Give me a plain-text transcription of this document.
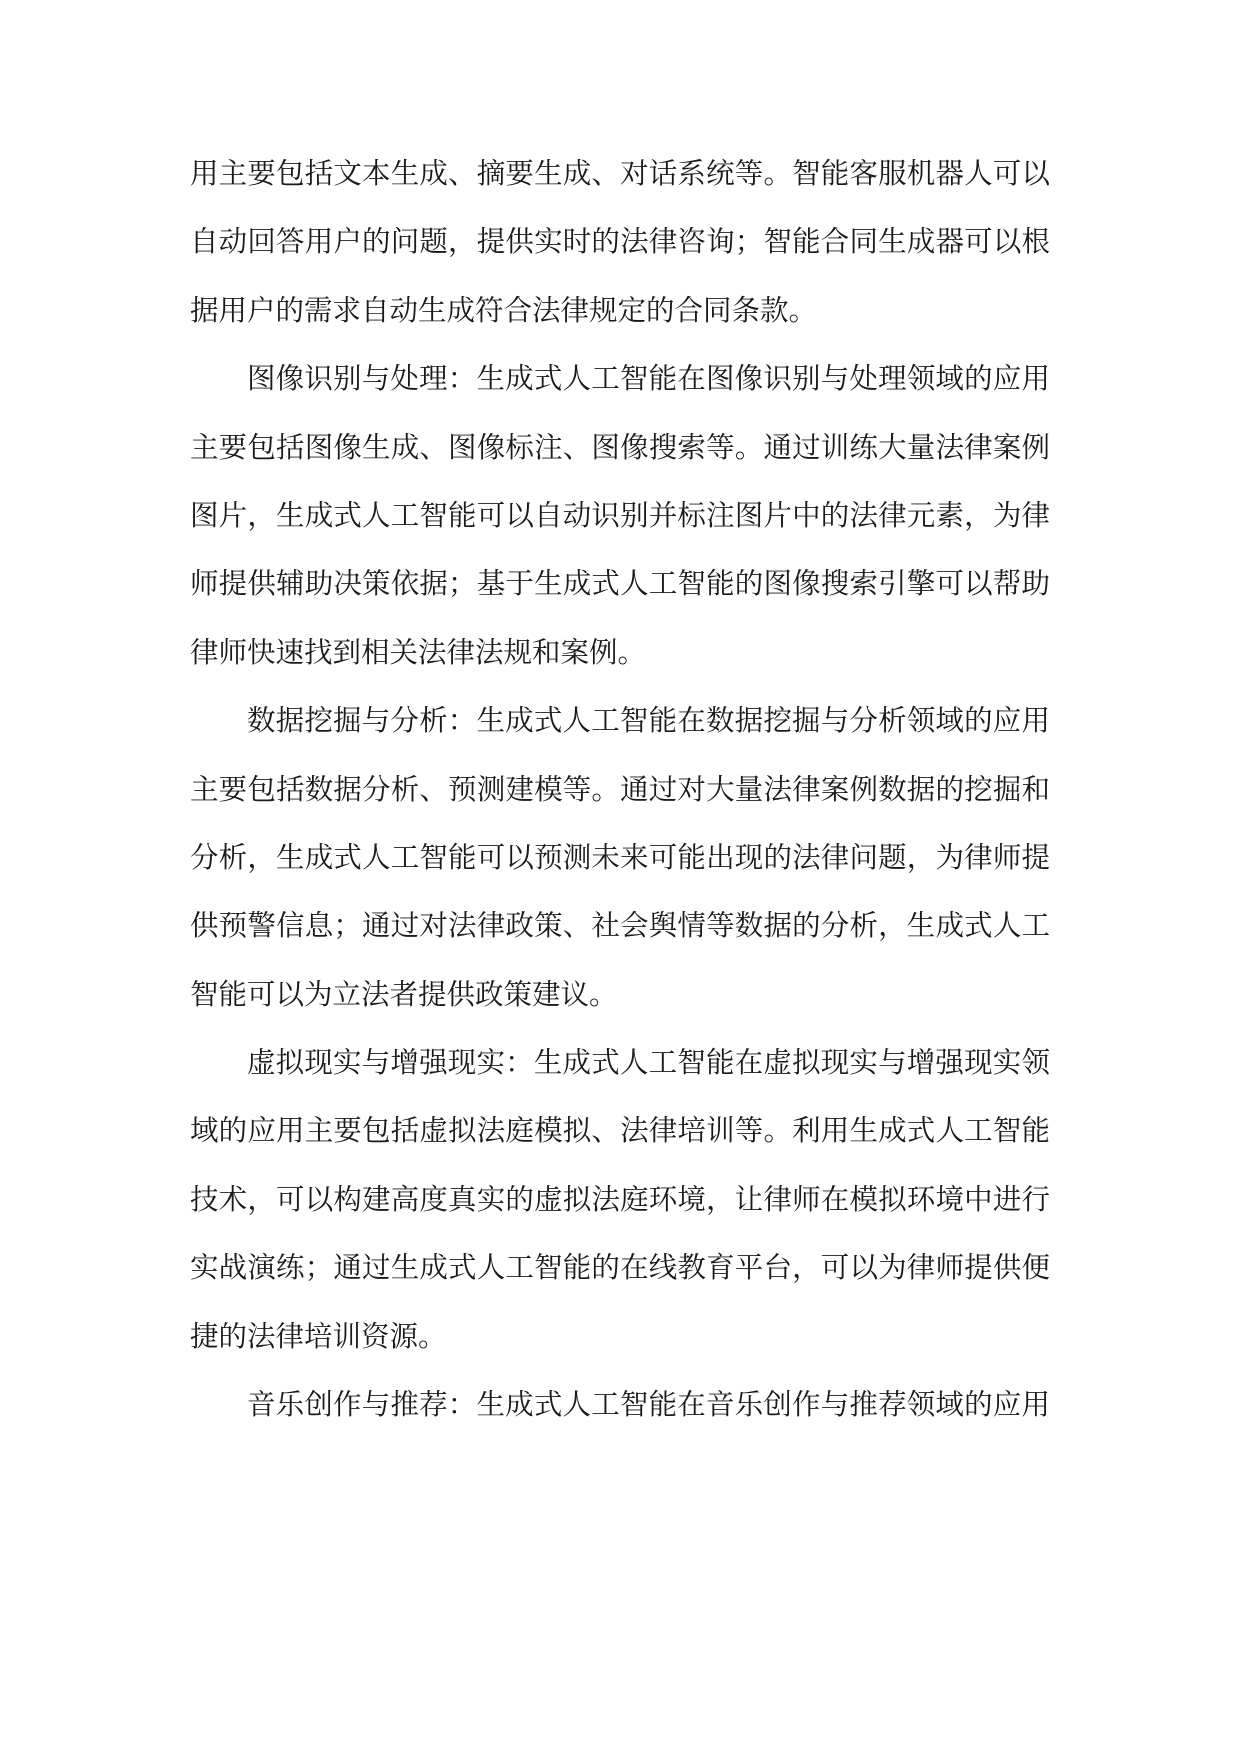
用主要包括文本生成、摘要生成、对话系统等。智能客服机器人可以
自动回答用户的问题，提供实时的法律咨询；智能合同生成器可以根
据用户的需求自动生成符合法律规定的合同条款。
图像识别与处理：生成式人工智能在图像识别与处理领域的应用
主要包括图像生成、图像标注、图像搜索等。通过训练大量法律案例
图片，生成式人工智能可以自动识别并标注图片中的法律元素，为律
师提供辅助决策依据；基于生成式人工智能的图像搜索引擎可以帮助
律师快速找到相关法律法规和案例。
数据挖掘与分析：生成式人工智能在数据挖掘与分析领域的应用
主要包括数据分析、预测建模等。通过对大量法律案例数据的挖掘和
分析，生成式人工智能可以预测未来可能出现的法律问题，为律师提
供预警信息；通过对法律政策、社会舆情等数据的分析，生成式人工
智能可以为立法者提供政策建议。
虚拟现实与增强现实：生成式人工智能在虚拟现实与增强现实领
域的应用主要包括虚拟法庭模拟、法律培训等。利用生成式人工智能
技术，可以构建高度真实的虚拟法庭环境，让律师在模拟环境中进行
实战演练；通过生成式人工智能的在线教育平台，可以为律师提供便
捷的法律培训资源。
音乐创作与推荐：生成式人工智能在音乐创作与推荐领域的应用
